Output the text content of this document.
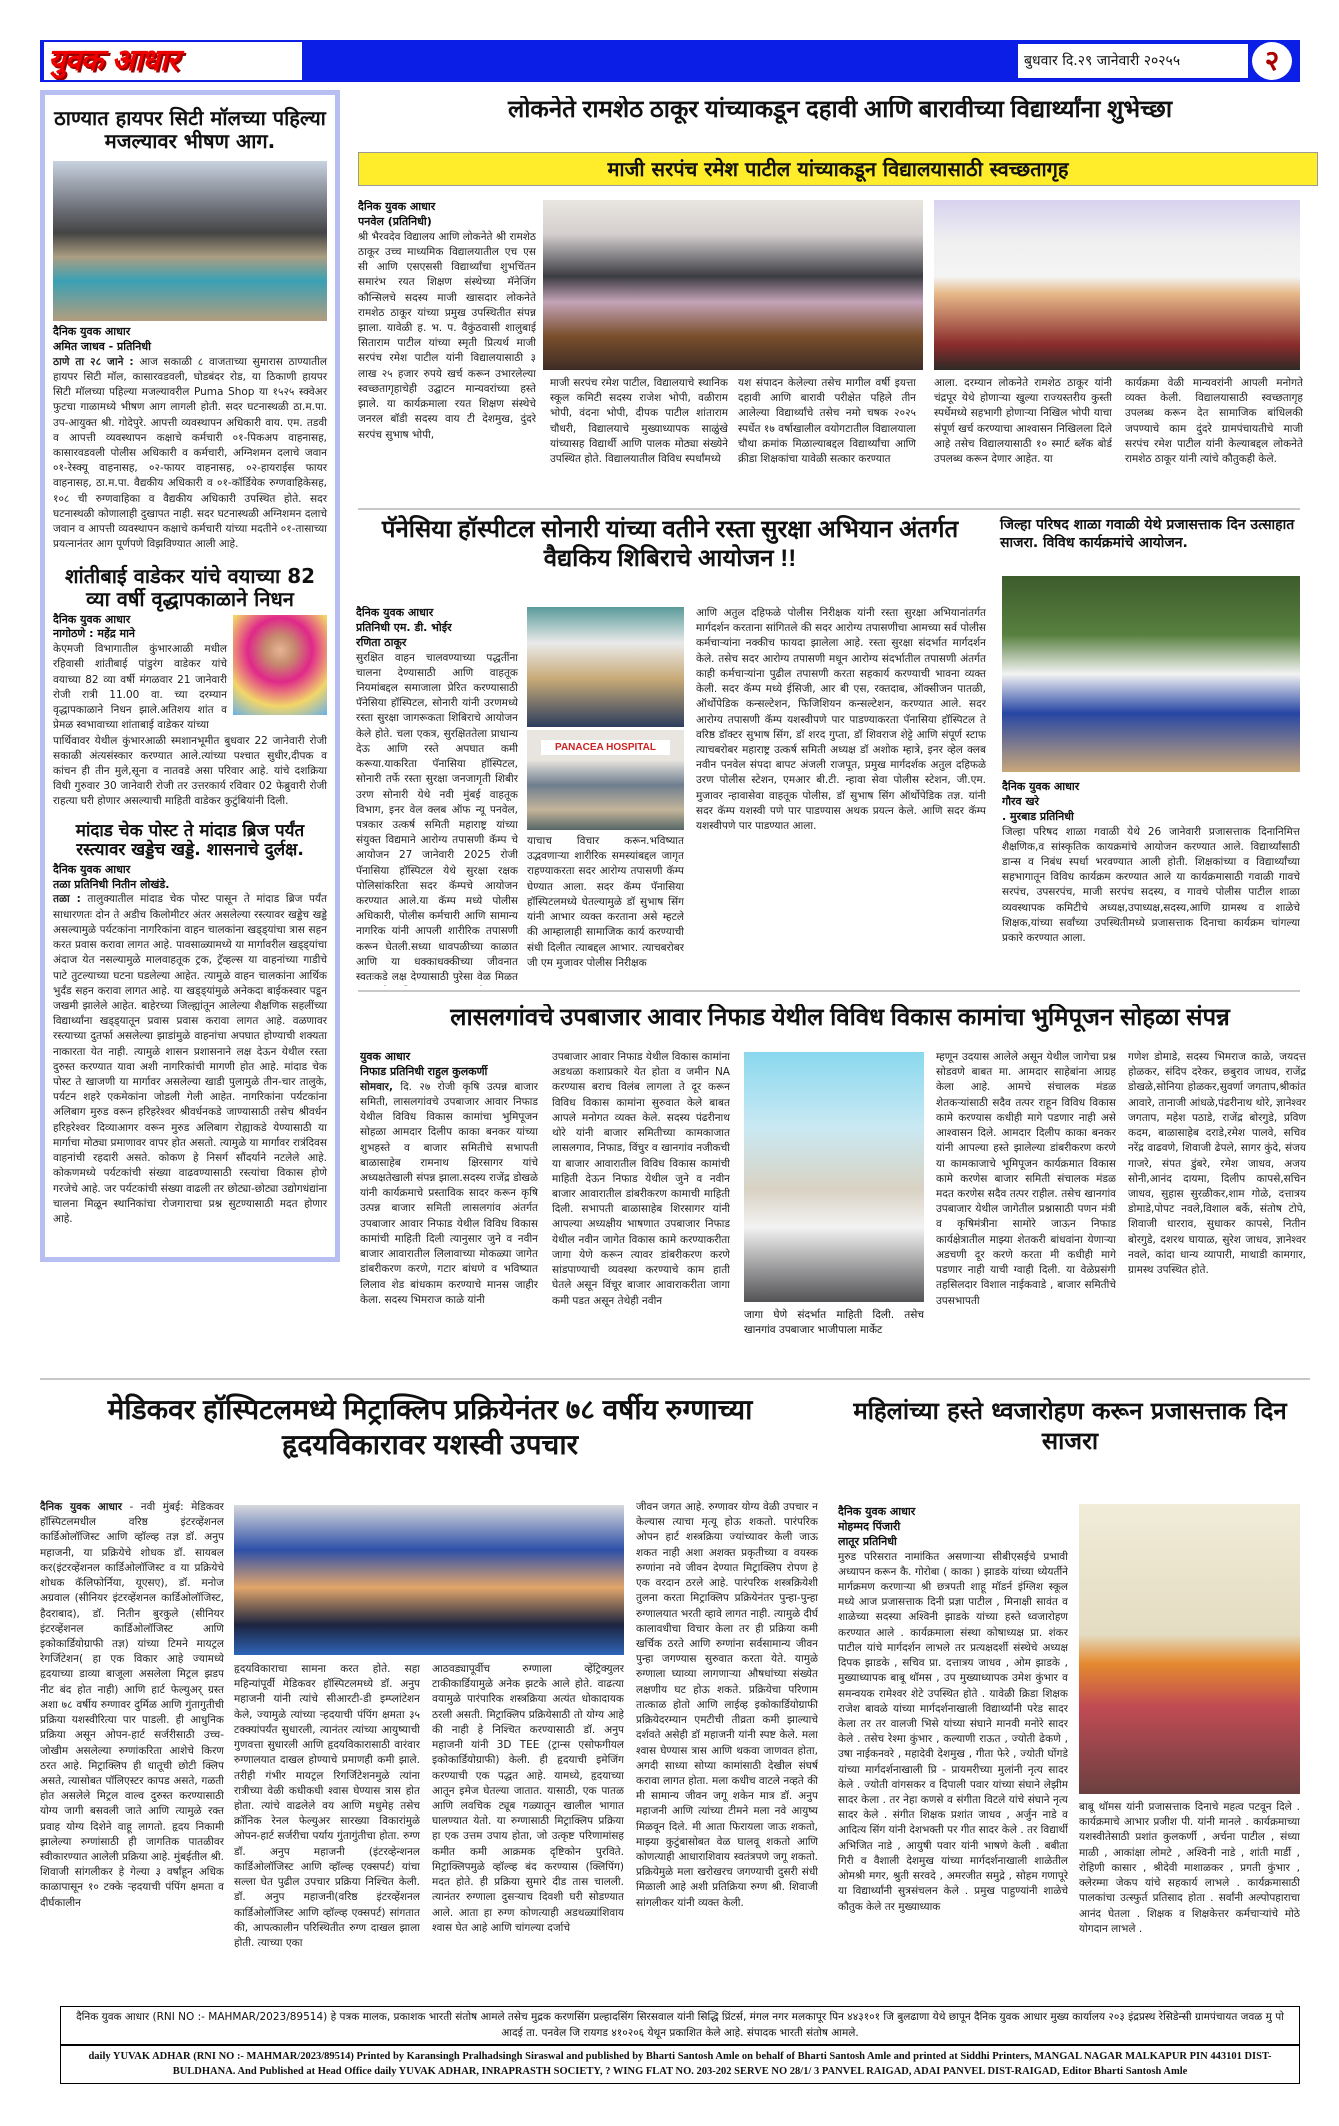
युवक आधार	बुधवार दि.२९ जानेवारी २०२५५	२
ठाण्यात हायपर सिटी मॉलच्या पहिल्या मजल्यावर भीषण आग.
दैनिक युवक आधार
अमित जाधव - प्रतिनिधी
ठाणे ता २८ जाने : आज सकाळी ८ वाजताच्या सुमारास ठाण्यातील हायपर सिटी मॉल, कासारवडवली, घोडबंदर रोड, या ठिकाणी हायपर सिटी मॉलच्या पहिल्या मजल्यावरील Puma Shop या १५२५ स्क्वेअर फुटचा गाळामध्ये भीषण आग लागली होती. सदर घटनास्थळी ठा.म.पा. उप-आयुक्त श्री. गोदेपुरे. आपत्ती व्यवस्थापन अधिकारी वाय. एम. तडवी व आपत्ती व्यवस्थापन कक्षाचे कर्मचारी ०१-पिकअप वाहनासह, कासारवडवली पोलीस अधिकारी व कर्मचारी, अग्निशमन दलाचे जवान ०१-रेस्क्यू वाहनासह, ०२-फायर वाहनासह, ०२-हायराईस फायर वाहनासह, ठा.म.पा. वैद्यकीय अधिकारी व ०१-कॉर्डियेक रुग्णवाहिकेसह, १०८ ची रुग्णवाहिका व वैद्यकीय अधिकारी उपस्थित होते. सदर घटनास्थळी कोणालाही दुखापत नाही. सदर घटनास्थळी अग्निशमन दलाचे जवान व आपत्ती व्यवस्थापन कक्षाचे कर्मचारी यांच्या मदतीने ०१-तासाच्या प्रयत्नानंतर आग पूर्णपणे विझविण्यात आली आहे.
शांतीबाई वाडेकर यांचे वयाच्या 82 व्या वर्षी वृद्धापकाळाने निधन
दैनिक युवक आधार
नागोठणे : महेंद्र माने
केएमजी विभागातील कुंभारआळी मधील रहिवासी शांतीबाई पांडुरंग वाडेकर यांचे वयाच्या 82 व्या वर्षी मंगळवार 21 जानेवारी रोजी रात्री 11.00 वा. च्या दरम्यान वृद्धापकाळाने निधन झाले.अतिशय शांत व प्रेमळ स्वभावाच्या शांताबाई वाडेकर यांच्या
पार्थिवावर येथील कुंभारआळी स्मशानभूमीत बुधवार 22 जानेवारी रोजी सकाळी अंत्यसंस्कार करण्यात आले.त्यांच्या पश्चात सुधीर,दीपक व कांचन ही तीन मुले,सूना व नातवडे असा परिवार आहे. यांचे दशक्रिया विधी गुरुवार 30 जानेवारी रोजी तर उत्तरकार्य रविवार 02 फेब्रुवारी रोजी राहत्या घरी होणार असल्याची माहिती वाडेकर कुटुंबियांनी दिली.
मांदाड चेक पोस्ट ते मांदाड ब्रिज पर्यंत रस्त्यावर खड्डेच खड्डे. शासनाचे दुर्लक्ष.
दैनिक युवक आधार
तळा प्रतिनिधी नितीन लोखंडे.
तळा : तालुक्यातील मांदाड चेक पोस्ट पासून ते मांदाड ब्रिज पर्यंत साधारणतः दोन ते अडीच किलोमीटर अंतर असलेल्या रस्त्यावर खड्डेच खड्डे असल्यामुळे पर्यटकांना नागरिकांना वाहन चालकांना खड्ड्यांचा त्रास सहन करत प्रवास करावा लागत आहे. पावसाळ्यामध्ये या मार्गावरील खड्ड्यांचा अंदाज येत नसल्यामुळे मालवाहतूक ट्रक, ट्रॅव्हल्स या वाहनांच्या गाडीचे पाटे तुटल्याच्या घटना घडलेल्या आहेत. त्यामुळे वाहन चालकांना आर्थिक भुर्दंड सहन करावा लागत आहे. या खड्ड्यांमुळे अनेकदा बाईकस्वार पडून जखमी झालेले आहेत. बाहेरच्या जिल्ह्यांतून आलेल्या शैक्षणिक सहलींच्या विद्यार्थ्यांना खड्ड्यातून प्रवास प्रवास करावा लागत आहे. वळणावर रस्त्याच्या दुतर्फा असलेल्या झाडांमुळे वाहनांचा अपघात होण्याची शक्यता नाकारता येत नाही. त्यामुळे शासन प्रशासनाने लक्ष देऊन येथील रस्ता दुरुस्त करण्यात यावा अशी नागरिकांची मागणी होत आहे. मांदाड चेक पोस्ट ते खाजणी या मार्गावर असलेल्या खाडी पुलामुळे तीन-चार तालुके, पर्यटन शहरे एकमेकांना जोडली गेली आहेत. नागरिकांना पर्यटकांना अलिबाग मुरुड वरून हरिहरेश्वर श्रीवर्धनकडे जाण्यासाठी तसेच श्रीवर्धन हरिहरेश्वर दिव्याआगर वरून मुरुड अलिबाग रोह्याकडे येण्यासाठी या मार्गाचा मोठ्या प्रमाणावर वापर होत असतो. त्यामुळे या मार्गावर रात्रंदिवस वाहनांची रहदारी असते. कोकण हे निसर्ग सौंदर्याने नटलेले आहे. कोकणमध्ये पर्यटकांची संख्या वाढवण्यासाठी रस्त्यांचा विकास होणे गरजेचे आहे. जर पर्यटकांची संख्या वाढली तर छोट्या-छोट्या उद्योगधंद्यांना चालना मिळून स्थानिकांचा रोजगाराचा प्रश्न सुटण्यासाठी मदत होणार आहे.
लोकनेते रामशेठ ठाकूर यांच्याकडून दहावी आणि बारावीच्या विद्यार्थ्यांना शुभेच्छा
माजी सरपंच रमेश पाटील यांच्याकडून विद्यालयासाठी स्वच्छतागृह
दैनिक युवक आधार
पनवेल (प्रतिनिधी)
श्री भैरवदेव विद्यालय आणि लोकनेते श्री रामशेठ ठाकूर उच्च माध्यमिक विद्यालयातील एच एस सी आणि एसएससी विद्यार्थ्यांचा शुभचिंतन समारंभ रयत शिक्षण संस्थेच्या मॅनेजिंग कौन्सिलचे सदस्य माजी खासदार लोकनेते रामशेठ ठाकूर यांच्या प्रमुख उपस्थितीत संपन्न झाला. यावेळी ह. भ. प. वैकुंठवासी शालुबाई सिताराम पाटील यांच्या स्मृती प्रित्यर्थ माजी सरपंच रमेश पाटील यांनी विद्यालयासाठी ३ लाख २५ हजार रुपये खर्च करून उभारलेल्या स्वच्छतागृहाचेही उद्घाटन मान्यवरांच्या हस्ते झाले. या कार्यक्रमाला रयत शिक्षण संस्थेचे जनरल बॉडी सदस्य वाय टी देशमुख, दुंदरे सरपंच सुभाष भोपी,
माजी सरपंच रमेश पाटील, विद्यालयाचे स्थानिक स्कूल कमिटी सदस्य राजेश भोपी, वळीराम भोपी, वंदना भोपी, दीपक पाटील शांताराम चौधरी, विद्यालयाचे मुख्याध्यापक साळुंखे यांच्यासह विद्यार्थी आणि पालक मोठ्या संख्येने उपस्थित होते. विद्यालयातील विविध स्पर्धांमध्ये
यश संपादन केलेल्या तसेच मागील वर्षी इयत्ता दहावी आणि बारावी परीक्षेत पहिले तीन आलेल्या विद्यार्थ्यांचे तसेच नमो चषक २०२५ स्पर्धेत १७ वर्षाखालील वयोगटातील विद्यालयाला चौथा क्रमांक मिळाल्याबद्दल विद्यार्थ्यांचा आणि क्रीडा शिक्षकांचा यावेळी सत्कार करण्यात
आला. दरम्यान लोकनेते रामशेठ ठाकूर यांनी चंद्रपूर येथे होणाऱ्या खुल्या राज्यस्तरीय कुस्ती स्पर्धेमध्ये सहभागी होणाऱ्या निखिल भोपी याचा संपूर्ण खर्च करण्याचा आश्वासन निखिलला दिले आहे तसेच विद्यालयासाठी १० स्मार्ट ब्लॅक बोर्ड उपलब्ध करून देणार आहेत. या
कार्यक्रमा वेळी मान्यवरांनी आपली मनोगते व्यक्त केली. विद्यालयासाठी स्वच्छतागृह उपलब्ध करून देत सामाजिक बांधिलकी जपण्याचे काम दुंदरे ग्रामपंचायतीचे माजी सरपंच रमेश पाटील यांनी केल्याबद्दल लोकनेते रामशेठ ठाकूर यांनी त्यांचे कौतुकही केले.
पॅनेसिया हॉस्पीटल सोनारी यांच्या वतीने रस्ता सुरक्षा अभियान अंतर्गत वैद्यकिय शिबिराचे आयोजन !!
दैनिक युवक आधार
प्रतिनिधी एम. डी. भोईर
रणिता ठाकूर
सुरक्षित वाहन चालवण्याच्या पद्धतींना चालना देण्यासाठी आणि वाहतूक नियमांबद्दल समाजाला प्रेरित करण्यासाठी पॅनेसिया हॉस्पिटल, सोनारी यांनी उरणमध्ये रस्ता सुरक्षा जागरूकता शिबिराचे आयोजन केले होते. चला एकत्र, सुरक्षिततेला प्राधान्य देऊ आणि रस्ते अपघात कमी करूया.याकरिता पॅनासिया हॉस्पिटल, सोनारी तर्फे रस्ता सुरक्षा जनजागृती शिबीर उरण सोनारी येथे नवी मुंबई वाहतूक विभाग, इनर वेल क्लब ऑफ न्यू पनवेल, पत्रकार उत्कर्ष समिती महाराष्ट्र यांच्या संयुक्त विद्यमाने आरोग्य तपासणी कॅम्प चे आयोजन 27 जानेवारी 2025 रोजी पॅनासिया हॉस्पिटल येथे सुरक्षा रक्षक पोलिसांकरिता सदर कॅम्पचे आयोजन करण्यात आले.या कॅम्प मध्ये पोलीस अधिकारी, पोलीस कर्मचारी आणि सामान्य नागरिक यांनी आपली शारीरिक तपासणी करून घेतली.सध्या धावपळीच्या काळात आणि या धक्काधक्कीच्या जीवनात स्वतःकडे लक्ष देण्यासाठी पुरेसा वेळ मिळत
PANACEA HOSPITAL
याचाच विचार करून.भविष्यात उद्भवणाऱ्या शारीरिक समस्यांबद्दल जागृत राहण्याकरता सदर आरोग्य तपासणी कॅम्प घेण्यात आला. सदर कॅम्प पॅनासिया हॉस्पिटलमध्ये घेतल्यामुळे डॉ सुभाष सिंग यांनी आभार व्यक्त करताना असे म्हटले की आम्हालाही सामाजिक कार्य करण्याची संधी दिलीत त्याबद्दल आभार. त्याचबरोबर जी एम मुजावर पोलीस निरीक्षक
आणि अतुल दहिफळे पोलीस निरीक्षक यांनी रस्ता सुरक्षा अभियानांतर्गत मार्गदर्शन करताना सांगितले की सदर आरोग्य तपासणीचा आमच्या सर्व पोलीस कर्मचाऱ्यांना नक्कीच फायदा झालेला आहे. रस्ता सुरक्षा संदर्भात मार्गदर्शन केले. तसेच सदर आरोग्य तपासणी मधून आरोग्य संदर्भातील तपासणी अंतर्गत काही कर्मचाऱ्यांना पुढील तपासणी करता सहकार्य करण्याची भावना व्यक्त केली. सदर कॅम्प मध्ये ईसिजी, आर बी एस, रक्तदाब, ऑक्सीजन पातळी, ऑर्थोपेडिक कन्सल्टेशन, फिजिशियन कन्सल्टेशन, करण्यात आले. सदर आरोग्य तपासणी कॅम्प यशस्वीपणे पार पाडण्याकरता पॅनासिया हॉस्पिटल ते वरिष्ठ डॉक्टर सुभाष सिंग, डॉ शरद गुप्ता, डॉ शिवराज शेट्टे आणि संपूर्ण स्टाफ त्याचबरोबर महाराष्ट्र उत्कर्ष समिती अध्यक्ष डॉ अशोक म्हात्रे, इनर व्हेल क्लब नवीन पनवेल संपदा बापट अंजली राजपूत, प्रमुख मार्गदर्शक अतुल दहिफळे उरण पोलीस स्टेशन, एमआर बी.टी. न्हावा सेवा पोलीस स्टेशन, जी.एम. मुजावर न्हावासेवा वाहतूक पोलीस, डॉ सुभाष सिंग ऑर्थोपेडिक तज्ञ. यांनी सदर कॅम्प यशस्वी पणे पार पाडण्यास अथक प्रयत्न केले. आणि सदर कॅम्प यशस्वीपणे पार पाडण्यात आला.
जिल्हा परिषद शाळा गवाळी येथे प्रजासत्ताक दिन उत्साहात साजरा. विविध कार्यक्रमांचे आयोजन.
दैनिक युवक आधार
गौरव खरे
. मुरबाड प्रतिनिधी
जिल्हा परिषद शाळा गवाळी येथे 26 जानेवारी प्रजासत्ताक दिनानिमित्त शैक्षणिक,व सांस्कृतिक कायक्रमांचे आयोजन करण्यात आले. विद्यार्थ्यांसाठी डान्स व निबंध स्पर्धा भरवण्यात आली होती. शिक्षकांच्या व विद्यार्थ्यांच्या सहभागातून विविध कार्यक्रम करण्यात आले या कार्यक्रमासाठी गवाळी गावचे सरपंच, उपसरपंच, माजी सरपंच सदस्य, व गावचे पोलीस पाटील शाळा व्यवस्थापक कमिटीचे अध्यक्ष,उपाध्यक्ष,सदस्य,आणि ग्रामस्थ व शाळेचे शिक्षक,यांच्या सर्वांच्या उपस्थितीमध्ये प्रजासत्ताक दिनाचा कार्यक्रम चांगल्या प्रकारे करण्यात आला.
लासलगांवचे उपबाजार आवार निफाड येथील विविध विकास कामांचा भुमिपूजन सोहळा संपन्न
युवक आधार
निफाड प्रतिनिधी राहुल कुलकर्णी
सोमवार, दि. २७ रोजी कृषि उत्पन्न बाजार समिती, लासलगांवचे उपबाजार आवार निफाड येथील विविध विकास कामांचा भुमिपूजन सोहळा आमदार दिलीप काका बनकर यांच्या शुभहस्ते व बाजार समितीचे सभापती बाळासाहेब रामनाथ क्षिरसागर यांचे अध्यक्षतेखाली संपन्न झाला.सदस्य राजेंद्र डोखळे यांनी कार्यक्रमाचे प्रस्ताविक सादर करून कृषि उत्पन्न बाजार समिती लासलगांव अंतर्गत उपबाजार आवार निफाड येथील विविध विकास कामांची माहिती दिली त्यानुसार जुने व नवीन बाजार आवारातील लिलावाच्या मोकळ्या जागेत डांबरीकरण करणे, गटार बांधणे व भविष्यात लिलाव शेड बांधकाम करण्याचे मानस जाहीर केला. सदस्य भिमराज काळे यांनी
उपबाजार आवार निफाड येथील विकास कामांना अडथळा कशाप्रकारे येत होता व जमीन NA करण्यास बराच विलंब लागला ते दूर करून विविध विकास कामांना सुरुवात केले बाबत आपले मनोगत व्यक्त केले. सदस्य पंढरीनाथ थोरे यांनी बाजार समितीच्या कामकाजात लासलगाव, निफाड, विंचुर व खानगांव नजीकची या बाजार आवारातील विविध विकास कामांची माहिती देऊन निफाड येथील जुने व नवीन बाजार आवारातील डांबरीकरण कामाची माहिती दिली. सभापती बाळासाहेब शिरसागर यांनी आपल्या अध्यक्षीय भाषणात उपबाजार निफाड येथील नवीन जागेत विकास कामे करण्याकरीता जागा येणे करून त्यावर डांबरीकरण करणे सांडपाण्याची व्यवस्था करण्याचे काम हाती घेतले असून विंचूर बाजार आवाराकरीता जागा कमी पडत असून तेथेही नवीन
जागा घेणे संदर्भात माहिती दिली. तसेच खानगांव उपबाजार भाजीपाला मार्केट
म्हणून उदयास आलेले असून येथील जागेचा प्रश्न सोडवणे बाबत मा. आमदार साहेबांना आग्रह केला आहे. आमचे संचालक मंडळ शेतकऱ्यांसाठी सदैव तत्पर राहून विविध विकास कामे करण्यास कधीही मागे पडणार नाही असे आश्वासन दिले. आमदार दिलीप काका बनकर यांनी आपल्या हस्ते झालेल्या डांबरीकरण करणे या कामकाजाचे भूमिपूजन कार्यक्रमात विकास कामे करणेस बाजार समिती संचालक मंडळ मदत करणेस सदैव तत्पर राहील. तसेच खानगांव उपबाजार येथील जागेतील प्रश्नासाठी पणन मंत्री व कृषिमंत्रीना सामोरे जाऊन निफाड कार्यक्षेत्रातील माझ्या शेतकरी बांधवांना येणाऱ्या अडचणी दूर करणे करता मी कधीही मागे पडणार नाही याची ग्वाही दिली. या वेळेप्रसंगी तहसिलदार विशाल नाईकवाडे , बाजार समितीचे उपसभापती
गणेश डोमाडे, सदस्य भिमराज काळे, जयदत्त होळकर, संदिप दरेकर, छबुराव जाधव, राजेंद्र डोखळे,सोनिया होळकर,सुवर्णा जगताप,श्रीकांत आवारे, तानाजी आंधळे,पंढरीनाथ थोरे, ज्ञानेश्वर जगताप, महेश पठाडे, राजेंद्र बोरगुडे, प्रविण कदम, बाळासाहेब दराडे,रमेश पालवे, सचिव नरेंद्र वाढवणे, शिवाजी ढेपले, सागर कुंदे, संजय गाजरे, संपत डुंबरे, रमेश जाधव, अजय सोनी,आनंद दायमा, दिलीप कापसे,सचिन जाधव, सुहास सुरळीकर,शाम गोळे, दत्तात्रय डोमाडे,पोपट नवले,विशाल बर्के, संतोष टोपे, शिवाजी धारराव, सुधाकर कापसे, नितीन बोरगुडे, दशरथ घायाळ, सुरेश जाधव, ज्ञानेश्वर नवले, कांदा धान्य व्यापारी, माथाडी कामगार, ग्रामस्थ उपस्थित होते.
मेडिकवर हॉस्पिटलमध्ये मिट्राक्लिप प्रक्रियेनंतर ७८ वर्षीय रुग्णाच्या हृदयविकारावर यशस्वी उपचार
दैनिक युवक आधार - नवी मुंबई: मेडिकवर हॉस्पिटलमधील वरिष्ठ इंटरव्हेंशनल कार्डिओलॉजिस्ट आणि व्हॉल्व्ह तज्ञ डॉ. अनुप महाजनी, या प्रक्रियेचे शोधक डॉ. सायबल कर(इंटरव्हेंशनल कार्डिओलॉजिस्ट व या प्रक्रियेचे शोधक कॅलिफोर्निया, यूएसए), डॉ. मनोज अग्रवाल (सीनियर इंटरव्हेंशनल कार्डिओलॉजिस्ट, हैदराबाद), डॉ. नितीन बुरकुले (सीनियर इंटरव्हेंशनल कार्डिओलॉजिस्ट आणि इकोकार्डियोग्राफी तज्ञ) यांच्या टिमने मायट्रल रेगर्जिटेशन( हा एक विकार आहे ज्यामध्ये हृदयाच्या डाव्या बाजूला असलेला मिट्रल झडप नीट बंद होत नाही) आणि हार्ट फेल्युअर् ग्रस्त अशा ७८ वर्षीय रुग्णावर दुर्मिळ आणि गुंतागुतीची प्रक्रिया यशस्वीरित्या पार पाडली. ही आधुनिक प्रक्रिया असून ओपन-हार्ट सर्जरीसाठी उच्च-जोखीम असलेल्या रुग्णांकरिता आशेचे किरण ठरत आहे. मिट्राक्लिप ही धातूची छोटी क्लिप असते, त्यासोबत पॉलिएस्टर कापड असते, गळती होत असलेले मिट्रल वाल्व दुरुस्त करण्यासाठी योग्य जागी बसवली जाते आणि त्यामुळे रक्त प्रवाह योग्य दिशेने वाहू लागतो. हृदय निकामी झालेल्या रुग्णांसाठी ही जागतिक पातळीवर स्वीकारण्यात आलेली प्रक्रिया आहे. मुंबईतील श्री. शिवाजी सांगलीकर हे गेल्या ३ वर्षांहून अधिक काळापासून १० टक्के ऱ्हदयाची पंपिंग क्षमता व दीर्घकालीन
हृदयविकाराचा सामना करत होते. सहा महिन्यांपूर्वी मेडिकवर हॉस्पिटलमध्ये डॉ. अनुप महाजनी यांनी त्यांचे सीआरटी-डी इम्प्लांटेशन केले, ज्यामुळे त्यांच्या ऱ्हदयाची पंपिंग क्षमता ३५ टक्क्यांपर्यंत सुधारली, त्यानंतर त्यांच्या आयुष्याची गुणवत्ता सुधारली आणि हृदयविकारासाठी वारंवार रुग्णालयात दाखल होण्याचे प्रमाणही कमी झाले. तरीही गंभीर मायट्रल रिगर्जिटेशनमुळे त्यांना रात्रीच्या वेळी कधीकधी श्वास घेण्यास त्रास होत होता. त्यांचे वाढलेले वय आणि मधुमेह तसेच क्रॉनिक रेनल फेल्युअर सारख्या विकारांमुळे ओपन-हार्ट सर्जरीचा पर्याय गुंतागुंतीचा होता. रुग्ण डॉ. अनुप महाजनी (इंटरव्हेन्शनल कार्डिओलॉजिस्ट आणि व्हॉल्व्ह एक्सपर्ट) यांचा सल्ला घेत पुढील उपचार प्रक्रिया निश्चित केली. डॉ. अनुप महाजनी(वरिष्ठ इंटरव्हेंशनल कार्डिओलॉजिस्ट आणि व्हॉल्व्ह एक्सपर्ट) सांगतात की, आपत्कालीन परिस्थितीत रुग्ण दाखल झाला होती. त्याच्या एका
आठवड्यापूर्वीच रुग्णाला व्हेंट्रिक्युलर टाकीकार्डियामुळे अनेक झटके आले होते. वाढत्या वयामुळे पारंपारिक शस्त्रक्रिया अत्यंत धोकादायक ठरली असती. मिट्राक्लिप प्रक्रियेसाठी तो योग्य आहे की नाही हे निश्चित करण्यासाठी डॉ. अनुप महाजनी यांनी 3D TEE (ट्रान्स एसोफगीयल इकोकार्डियोग्राफी) केली. ही हृदयाची इमेजिंग करण्याची एक पद्धत आहे. यामध्ये, हृदयाच्या आतून इमेज घेतल्या जातात. यासाठी, एक पातळ आणि लवचिक ट्यूब गळ्यातून खालील भागात घालण्यात येतो. या रुग्णासाठी मिट्राक्लिप प्रक्रिया हा एक उत्तम उपाय होता, जो उत्कृष्ट परिणामांसह कमीत कमी आक्रमक दृष्टिकोन पुरविते. मिट्राक्लिपमुळे व्हॉल्व्ह बंद करण्यास (क्लिपिंग) मदत होते. ही प्रक्रिया सुमारे दीड तास चालली. त्यानंतर रुग्णाला दुसऱ्याच दिवशी घरी सोडण्यात आले. आता हा रुग्ण कोणत्याही अडथळ्यांशिवाय श्वास घेत आहे आणि चांगल्या दर्जाचे
जीवन जगत आहे. रुग्णावर योग्य वेळी उपचार न केल्यास त्याचा मृत्यू होऊ शकतो. पारंपरिक ओपन हार्ट शस्त्रक्रिया ज्यांच्यावर केली जाऊ शकत नाही अशा अशक्त प्रकृतीच्या व वयस्क रुग्णांना नवे जीवन देण्यात मिट्राक्लिप रोपण हे एक वरदान ठरले आहे. पारंपरिक शस्त्रक्रियेशी तुलना करता मिट्राक्लिप प्रक्रियेनंतर पुन्हा-पुन्हा रुग्णालयात भरती व्हावे लागत नाही. त्यामुळे दीर्घ कालावधीचा विचार केला तर ही प्रक्रिया कमी खर्चिक ठरते आणि रुग्णांना सर्वसामान्य जीवन पुन्हा जगण्यास सुरुवात करता येते. यामुळे रुग्णाला घ्याव्या लागणाऱ्या औषधांच्या संख्येत लक्षणीय घट होऊ शकते. प्रक्रियेचा परिणाम तात्काळ होतो आणि लाईव्ह इकोकार्डियोग्राफी प्रक्रियेदरम्यान एमटीची तीव्रता कमी झाल्याचे दर्शवते असेही डॉ महाजनी यांनी स्पष्ट केले. मला श्वास घेण्यास त्रास आणि थकवा जाणवत होता, अगदी साध्या सोप्या कामांसाठी देखील संघर्ष करावा लागत होता. मला कधीच वाटले नव्हते की मी सामान्य जीवन जगू शकेन मात्र डॉ. अनुप महाजनी आणि त्यांच्या टीमने मला नवे आयुष्य मिळवून दिले. मी आता फिरायला जाऊ शकतो, माझ्या कुटुंबासोबत वेळ घालवू शकतो आणि कोणत्याही आधाराशिवाय स्वतंत्रपणे जगू शकतो. प्रक्रियेमुळे मला खरोखरच जगण्याची दुसरी संधी मिळाली आहे अशी प्रतिक्रिया रुग्ण श्री. शिवाजी सांगलीकर यांनी व्यक्त केली.
महिलांच्या हस्ते ध्वजारोहण करून प्रजासत्ताक दिन साजरा
दैनिक युवक आधार
मोहम्मद पिंजारी
लातूर प्रतिनिधी
मुरुड परिसरात नामांकित असणाऱ्या सीबीएसईचे प्रभावी अध्यापन करून कै. गोरोबा ( काका ) झाडके यांच्या ध्येयर्तीने मार्गक्रमण करणाऱ्या श्री छत्रपती शाहू मॉडर्न इंग्लिश स्कूल मध्ये आज प्रजासत्ताक दिनी प्रज्ञा पाटील , मिनाक्षी सावंत व शाळेच्या सदस्या अश्विनी झाडके यांच्या हस्ते ध्वजारोहण करण्यात आले . कार्यक्रमाला संस्था कोषाध्यक्ष प्रा. शंकर पाटील यांचे मार्गदर्शन लाभले तर प्रत्यक्षदर्शी संस्थेचे अध्यक्ष दिपक झाडके , सचिव प्रा. दत्तात्रय जाधव , ओम झाडके , मुख्याध्यापक बाबू थॉमस , उप मुख्याध्यापक उमेश कुंभार व समन्वयक रामेश्वर शेटे उपस्थित होते . यावेळी क्रिडा शिक्षक राजेश बावळे यांच्या मार्गदर्शनाखाली विद्यार्थ्यांनी परेड सादर केला तर तर वालजी भिसे यांच्या संघाने मानवी मनोरे सादर केले . तसेच रेश्मा कुंभार , कल्याणी राऊत , ज्योती ढेकणे , उषा नाईकनवरे , महादेवी देशमुख , गीता फेरे , ज्योती घोंगडे यांच्या मार्गदर्शनाखाली प्रि - प्रायमरीच्या मुलांनी नृत्य सादर केले . ज्योती वांगसकर व दिपाली पवार यांच्या संघाने लेझीम सादर केला . तर नेहा कणसे व संगीता विटले यांचे संघाने नृत्य सादर केले . संगीत शिक्षक प्रशांत जाधव , अर्जुन नाडे व आदित्य सिंग यांनी देशभक्ती पर गीत सादर केले . तर विद्यार्थी अभिजित नाडे , आयुषी पवार यांनी भाषणे केली . बबीता गिरी व वैशाली देशमुख यांच्या मार्गदर्शनाखाली शाळेतील ओमश्री मगर, श्रुती सरवदे , अमरजीत समुद्रे , सोहम गणापूरे या विद्यार्थ्यांनी सुत्रसंचलन केले . प्रमुख पाहुण्यांनी शाळेचे कौतुक केले तर मुख्याध्याक
बाबू थॉमस यांनी प्रजासत्ताक दिनाचे महत्व पटवून दिले . कार्यक्रमाचे आभार प्रजीश पी. यांनी मानले . कार्यक्रमाच्या यशस्वीतेसाठी प्रशांत कुलकर्णी , अर्चना पाटील , संध्या माळी , आकांक्षा लोमटे , अश्विनी नाडे , शांती मार्डी , रोहिणी कासार , श्रीदेवी माशाळकर , प्रगती कुंभार , क्लेरम्मा जेकप यांचे सहकार्य लाभले . कार्यक्रमासाठी पालकांचा उत्स्फुर्त प्रतिसाद होता . सर्वांनी अल्पोपहाराचा आनंद घेतला . शिक्षक व शिक्षकेत्तर कर्मचाऱ्यांचे मोठे योगदान लाभले .
दैनिक युवक आधार (RNI NO :- MAHMAR/2023/89514) हे पत्रक मालक, प्रकाशक भारती संतोष आमले तसेच मुद्रक करणसिंग प्रल्हादसिंग सिरसवाल यांनी सिद्धि प्रिंटर्स, मंगल नगर मलकापूर पिन ४४३१०१ जि बुलढाणा येथे छापून दैनिक युवक आधार मुख्य कार्यालय २०३ इंद्रप्रस्थ रेसिडेन्सी ग्रामपंचायत जवळ मु पो आदई ता. पनवेल जि रायगड ४१०२०६ येथून प्रकाशित केले आहे. संपादक भारती संतोष आमले.
daily YUVAK ADHAR (RNI NO :- MAHMAR/2023/89514) Printed by Karansingh Pralhadsingh Siraswal and published by Bharti Santosh Amle on behalf of Bharti Santosh Amle and printed at Siddhi Printers, MANGAL NAGAR MALKAPUR PIN 443101 DIST- BULDHANA. And Published at Head Office daily YUVAK ADHAR, INRAPRASTH SOCIETY, ? WING FLAT NO. 203-202 SERVE NO 28/1/ 3 PANVEL RAIGAD, ADAI PANVEL DIST-RAIGAD, Editor Bharti Santosh Amle
